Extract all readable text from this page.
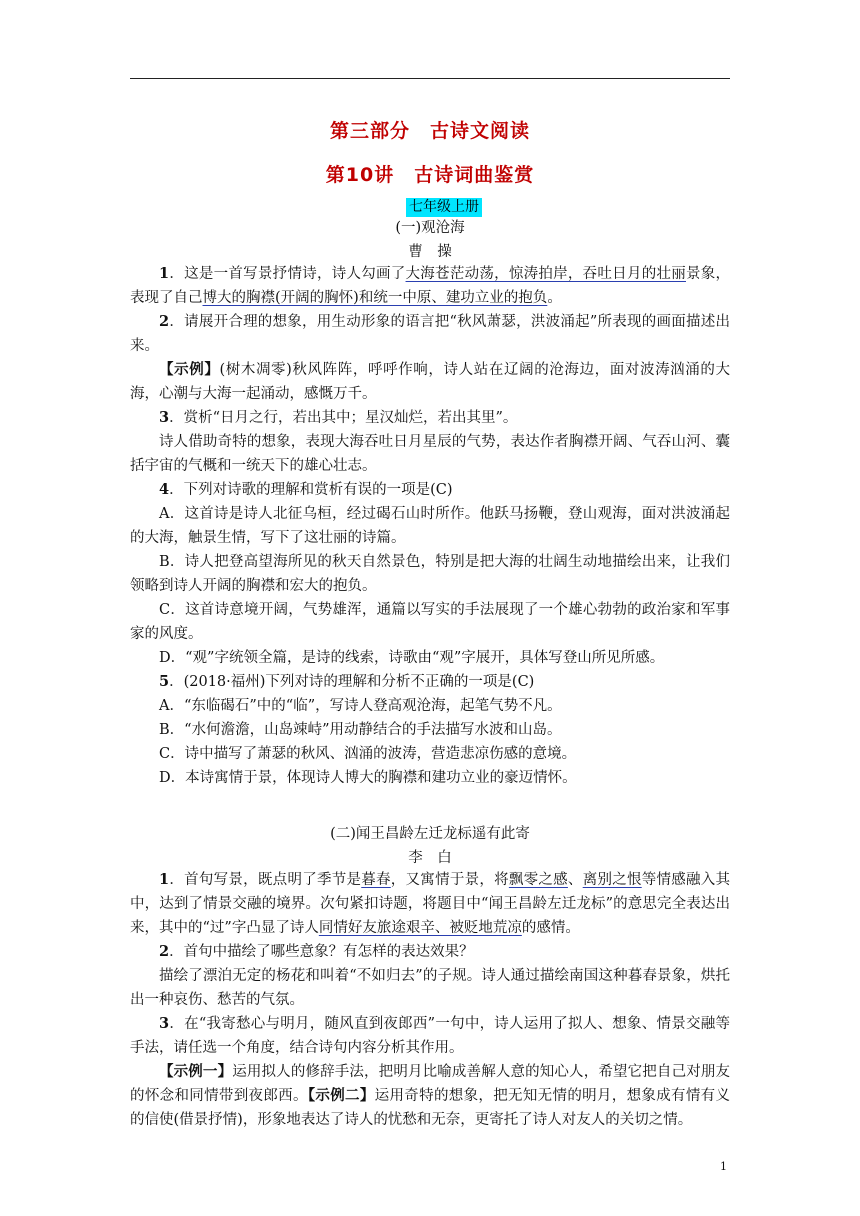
第三部分　古诗文阅读
第10讲　古诗词曲鉴赏
七年级上册
(一)观沧海
曹　操

1．这是一首写景抒情诗，诗人勾画了大海苍茫动荡，惊涛拍岸，吞吐日月的壮丽景象，表现了自己博大的胸襟(开阔的胸怀)和统一中原、建功立业的抱负。

2．请展开合理的想象，用生动形象的语言把“秋风萧瑟，洪波涌起”所表现的画面描述出来。

【示例】(树木凋零)秋风阵阵，呼呼作响，诗人站在辽阔的沧海边，面对波涛汹涌的大海，心潮与大海一起涌动，感慨万千。

3．赏析“日月之行，若出其中；星汉灿烂，若出其里”。

诗人借助奇特的想象，表现大海吞吐日月星辰的气势，表达作者胸襟开阔、气吞山河、囊括宇宙的气概和一统天下的雄心壮志。

4．下列对诗歌的理解和赏析有误的一项是(C)

A．这首诗是诗人北征乌桓，经过碣石山时所作。他跃马扬鞭，登山观海，面对洪波涌起的大海，触景生情，写下了这壮丽的诗篇。

B．诗人把登高望海所见的秋天自然景色，特别是把大海的壮阔生动地描绘出来，让我们领略到诗人开阔的胸襟和宏大的抱负。

C．这首诗意境开阔，气势雄浑，通篇以写实的手法展现了一个雄心勃勃的政治家和军事家的风度。

D．“观”字统领全篇，是诗的线索，诗歌由“观”字展开，具体写登山所见所感。

5．(2018·福州)下列对诗的理解和分析不正确的一项是(C)

A．“东临碣石”中的“临”，写诗人登高观沧海，起笔气势不凡。

B．“水何澹澹，山岛竦峙”用动静结合的手法描写水波和山岛。

C．诗中描写了萧瑟的秋风、汹涌的波涛，营造悲凉伤感的意境。

D．本诗寓情于景，体现诗人博大的胸襟和建功立业的豪迈情怀。

(二)闻王昌龄左迁龙标遥有此寄
李　白

1．首句写景，既点明了季节是暮春，又寓情于景，将飘零之感、离别之恨等情感融入其中，达到了情景交融的境界。次句紧扣诗题，将题目中“闻王昌龄左迁龙标”的意思完全表达出来，其中的“过”字凸显了诗人同情好友旅途艰辛、被贬地荒凉的感情。

2．首句中描绘了哪些意象？有怎样的表达效果？

描绘了漂泊无定的杨花和叫着“不如归去”的子规。诗人通过描绘南国这种暮春景象，烘托出一种哀伤、愁苦的气氛。

3．在“我寄愁心与明月，随风直到夜郎西”一句中，诗人运用了拟人、想象、情景交融等手法，请任选一个角度，结合诗句内容分析其作用。

【示例一】运用拟人的修辞手法，把明月比喻成善解人意的知心人，希望它把自己对朋友的怀念和同情带到夜郎西。【示例二】运用奇特的想象，把无知无情的明月，想象成有情有义的信使(借景抒情)，形象地表达了诗人的忧愁和无奈，更寄托了诗人对友人的关切之情。

1
